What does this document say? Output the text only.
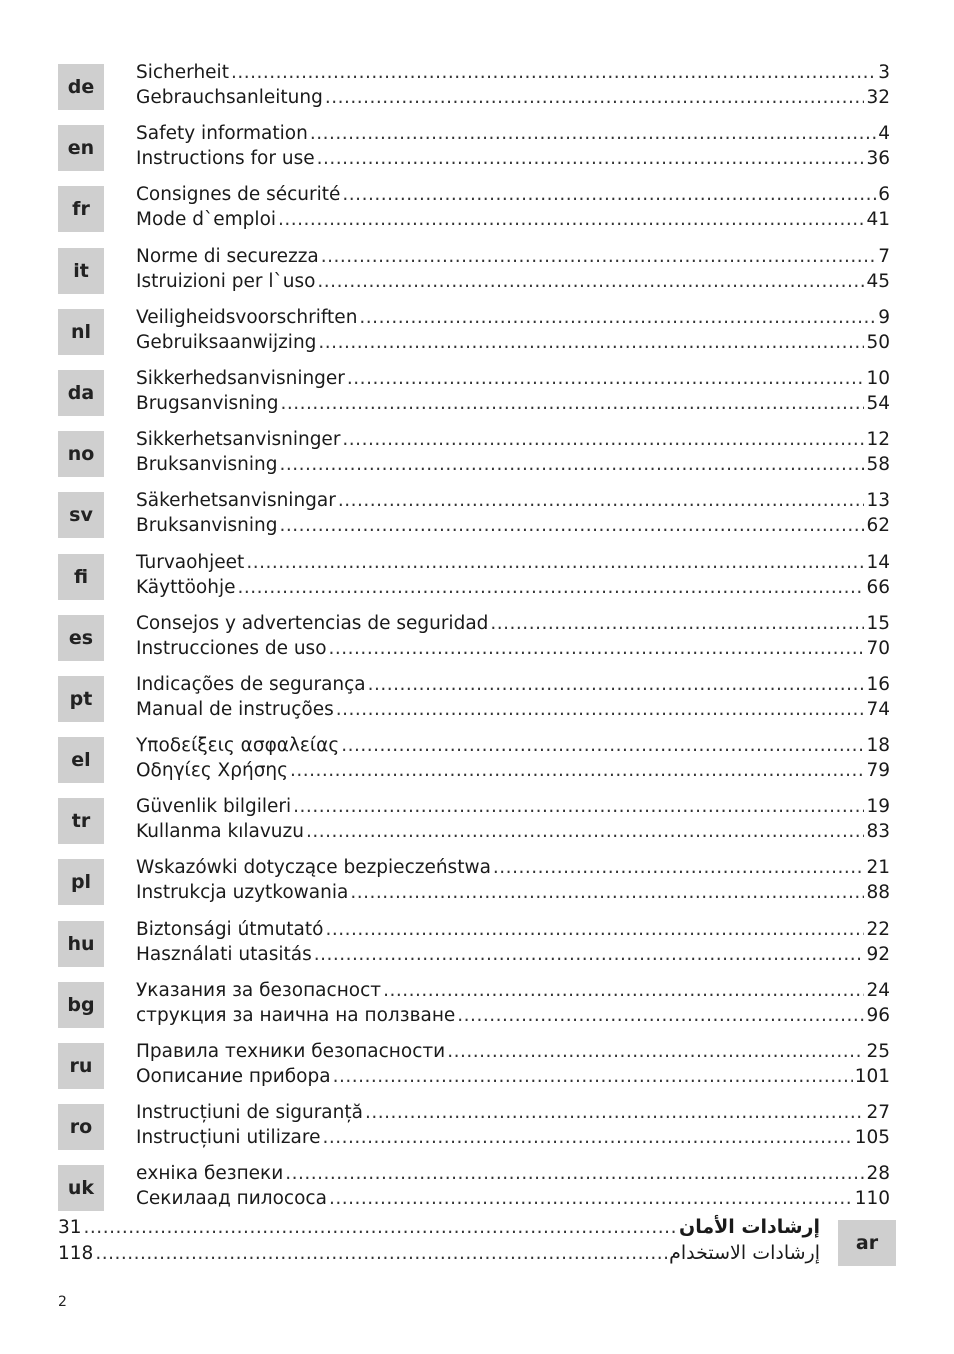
de
Sicherheit .....	3
Gebrauchsanleitung .....	32
en
Safety information .....	4
Instructions for use .....	36
fr
Consignes de sécurité .....	6
Mode d`emploi .....	41
it
Norme di securezza .....	7
Istruizioni per l`uso .....	45
nl
Veiligheidsvoorschriften .....	9
Gebruiksaanwijzing .....	50
da
Sikkerhedsanvisninger .....	10
Brugsanvisning .....	54
no
Sikkerhetsanvisninger .....	12
Bruksanvisning .....	58
sv
Säkerhetsanvisningar .....	13
Bruksanvisning .....	62
fi
Turvaohjeet .....	14
Käyttöohje .....	66
es
Consejos y advertencias de seguridad .....	15
Instrucciones de uso .....	70
pt
Indicações de segurança .....	16
Manual de instruções .....	74
el
Υποδείξεις ασφαλείας .....	18
Οδηγίες Χρήσης .....	79
tr
Güvenlik bilgileri .....	19
Kullanma kılavuzu .....	83
pl
Wskazówki dotyczące bezpieczeństwa .....	21
Instrukcja uzytkowania .....	88
hu
Biztonsági útmutató .....	22
Használati utasitás .....	92
bg
Указания за безопасност .....	24
струкция за наична на ползване .....	96
ru
Правила техники безопасности .....	25
Оописание прибора .....	101
ro
Instrucțiuni de siguranță .....	27
Instrucțiuni utilizare .....	105
uk
ехніка безпеки .....	28
Секилаад пилососа .....	110
31 .....	إرشادات الأمان
118 .....	إرشادات الاستخدام	ar
2
